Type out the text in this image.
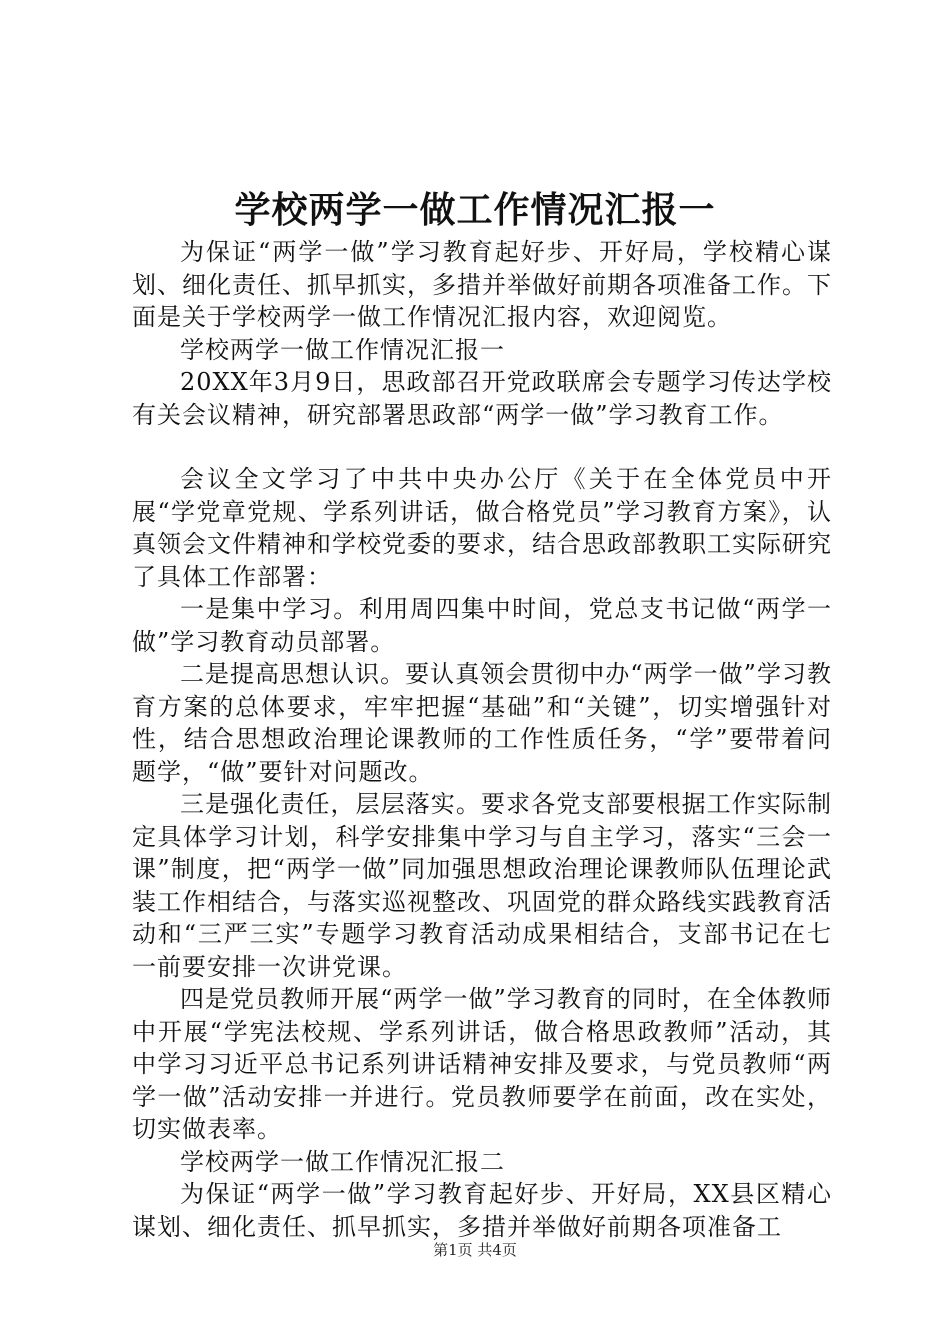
学校两学一做工作情况汇报一

为保证“两学一做”学习教育起好步、开好局，学校精心谋划、细化责任、抓早抓实，多措并举做好前期各项准备工作。下面是关于学校两学一做工作情况汇报内容，欢迎阅览。

学校两学一做工作情况汇报一

20XX年3月9日，思政部召开党政联席会专题学习传达学校有关会议精神，研究部署思政部“两学一做”学习教育工作。

会议全文学习了中共中央办公厅《关于在全体党员中开展“学党章党规、学系列讲话，做合格党员”学习教育方案》，认真领会文件精神和学校党委的要求，结合思政部教职工实际研究了具体工作部署：

一是集中学习。利用周四集中时间，党总支书记做“两学一做”学习教育动员部署。

二是提高思想认识。要认真领会贯彻中办“两学一做”学习教育方案的总体要求，牢牢把握“基础”和“关键”，切实增强针对性，结合思想政治理论课教师的工作性质任务，“学”要带着问题学，“做”要针对问题改。

三是强化责任，层层落实。要求各党支部要根据工作实际制定具体学习计划，科学安排集中学习与自主学习，落实“三会一课”制度，把“两学一做”同加强思想政治理论课教师队伍理论武装工作相结合，与落实巡视整改、巩固党的群众路线实践教育活动和“三严三实”专题学习教育活动成果相结合，支部书记在七一前要安排一次讲党课。

四是党员教师开展“两学一做”学习教育的同时，在全体教师中开展“学宪法校规、学系列讲话，做合格思政教师”活动，其中学习习近平总书记系列讲话精神安排及要求，与党员教师“两学一做”活动安排一并进行。党员教师要学在前面，改在实处，切实做表率。

学校两学一做工作情况汇报二

为保证“两学一做”学习教育起好步、开好局，XX县区精心谋划、细化责任、抓早抓实，多措并举做好前期各项准备工

第1页 共4页
